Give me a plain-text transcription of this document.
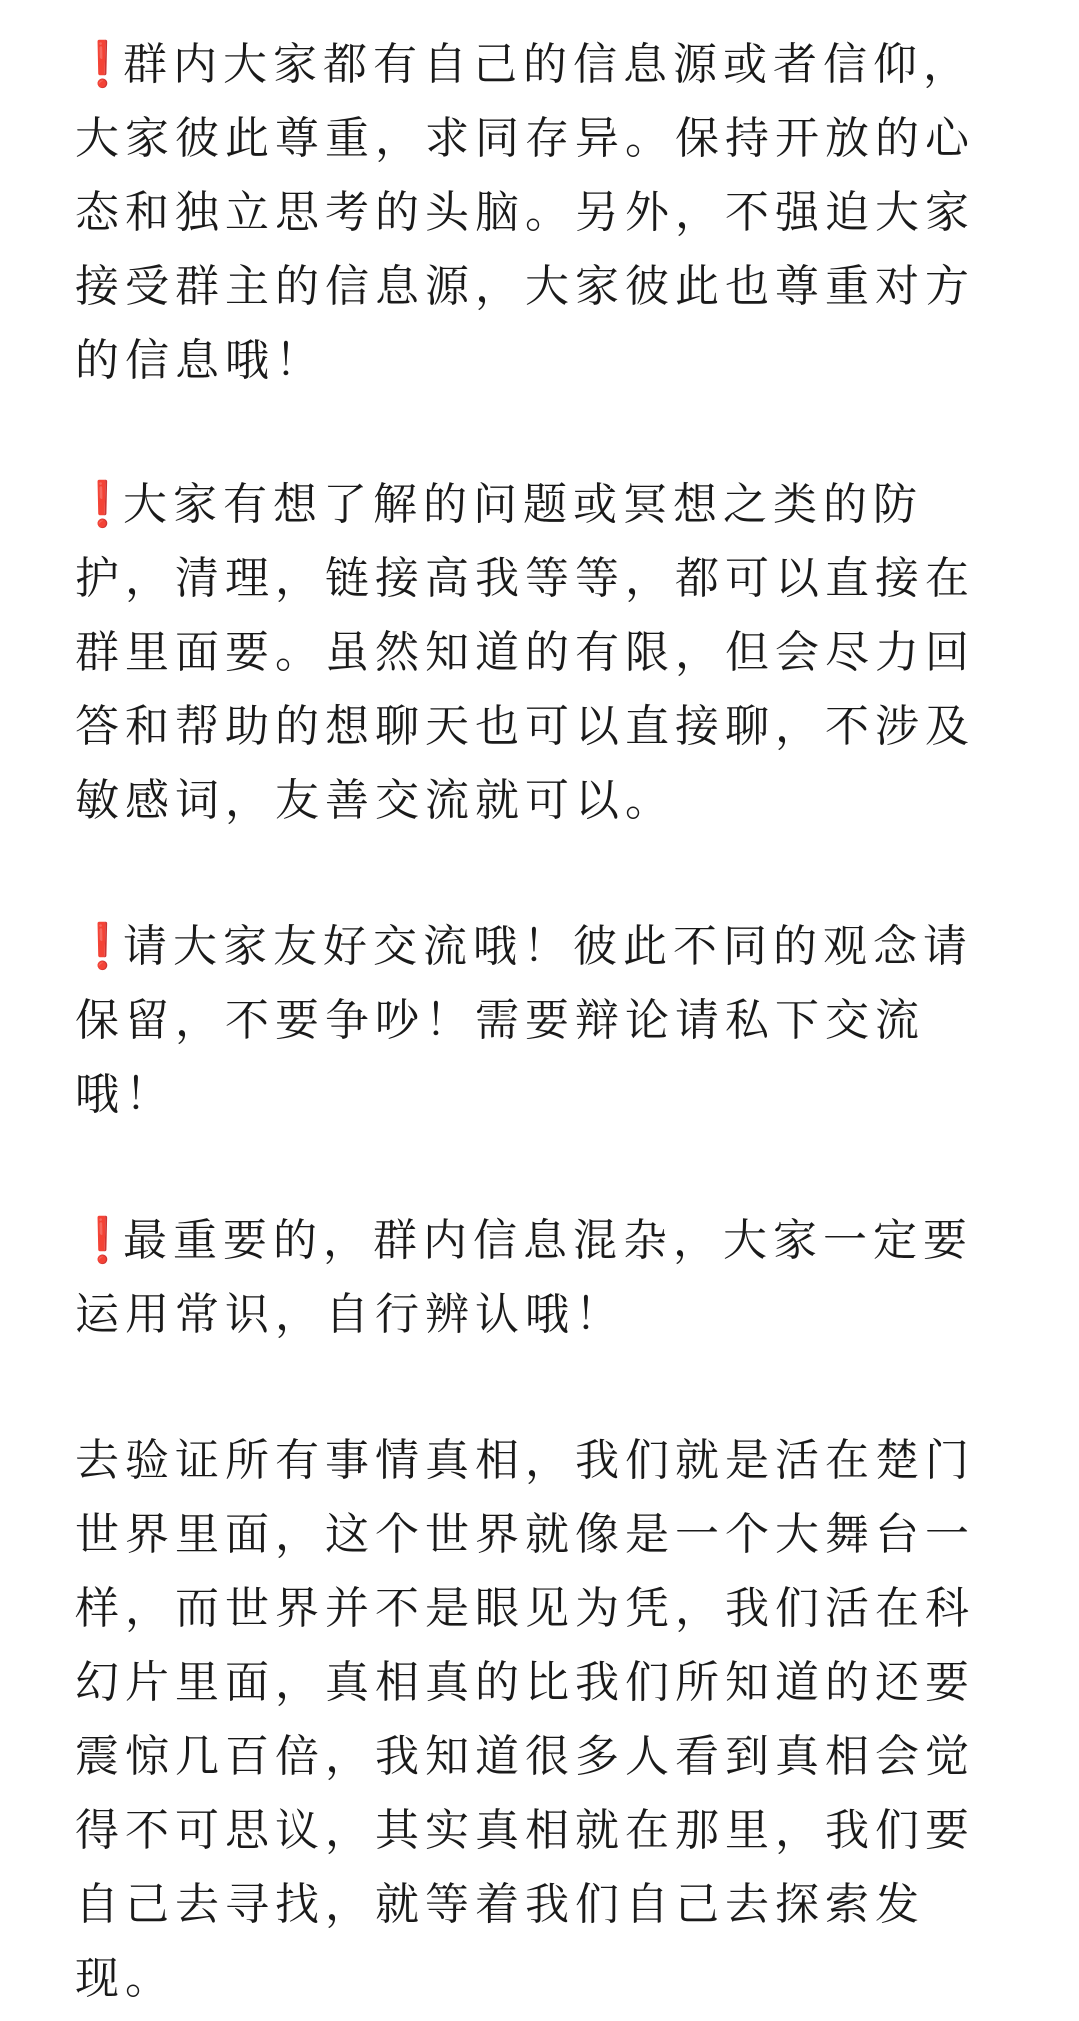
❗群内大家都有自己的信息源或者信仰，大家彼此尊重，求同存异。保持开放的心态和独立思考的头脑。另外，不强迫大家接受群主的信息源，大家彼此也尊重对方的信息哦！

❗大家有想了解的问题或冥想之类的防护，清理，链接高我等等，都可以直接在群里面要。虽然知道的有限，但会尽力回答和帮助的想聊天也可以直接聊，不涉及敏感词，友善交流就可以。

❗请大家友好交流哦！彼此不同的观念请保留，不要争吵！需要辩论请私下交流哦！

❗最重要的，群内信息混杂，大家一定要运用常识，自行辨认哦！

去验证所有事情真相，我们就是活在楚门世界里面，这个世界就像是一个大舞台一样，而世界并不是眼见为凭，我们活在科幻片里面，真相真的比我们所知道的还要震惊几百倍，我知道很多人看到真相会觉得不可思议，其实真相就在那里，我们要自己去寻找，就等着我们自己去探索发现。
